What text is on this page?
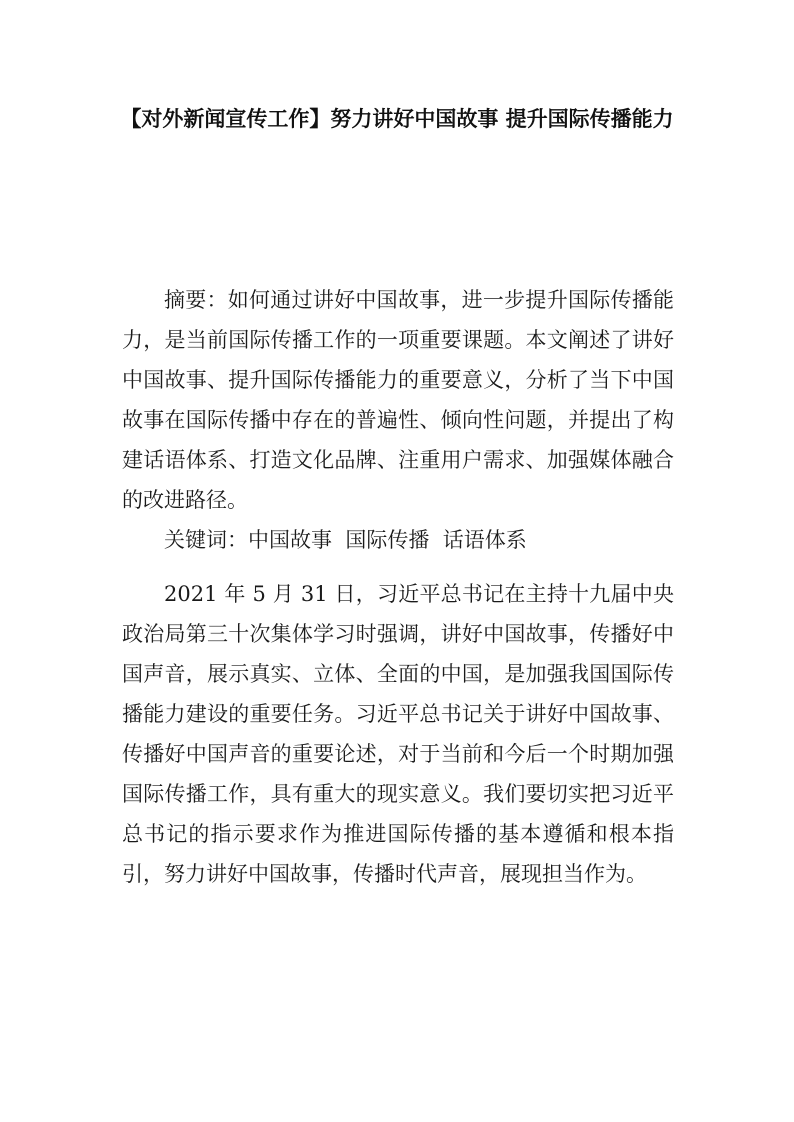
【对外新闻宣传工作】努力讲好中国故事 提升国际传播能力

摘要：如何通过讲好中国故事，进一步提升国际传播能力，是当前国际传播工作的一项重要课题。本文阐述了讲好中国故事、提升国际传播能力的重要意义，分析了当下中国故事在国际传播中存在的普遍性、倾向性问题，并提出了构建话语体系、打造文化品牌、注重用户需求、加强媒体融合的改进路径。

关键词：中国故事  国际传播  话语体系

2021 年 5 月 31 日，习近平总书记在主持十九届中央政治局第三十次集体学习时强调，讲好中国故事，传播好中国声音，展示真实、立体、全面的中国，是加强我国国际传播能力建设的重要任务。习近平总书记关于讲好中国故事、传播好中国声音的重要论述，对于当前和今后一个时期加强国际传播工作，具有重大的现实意义。我们要切实把习近平总书记的指示要求作为推进国际传播的基本遵循和根本指引，努力讲好中国故事，传播时代声音，展现担当作为。
